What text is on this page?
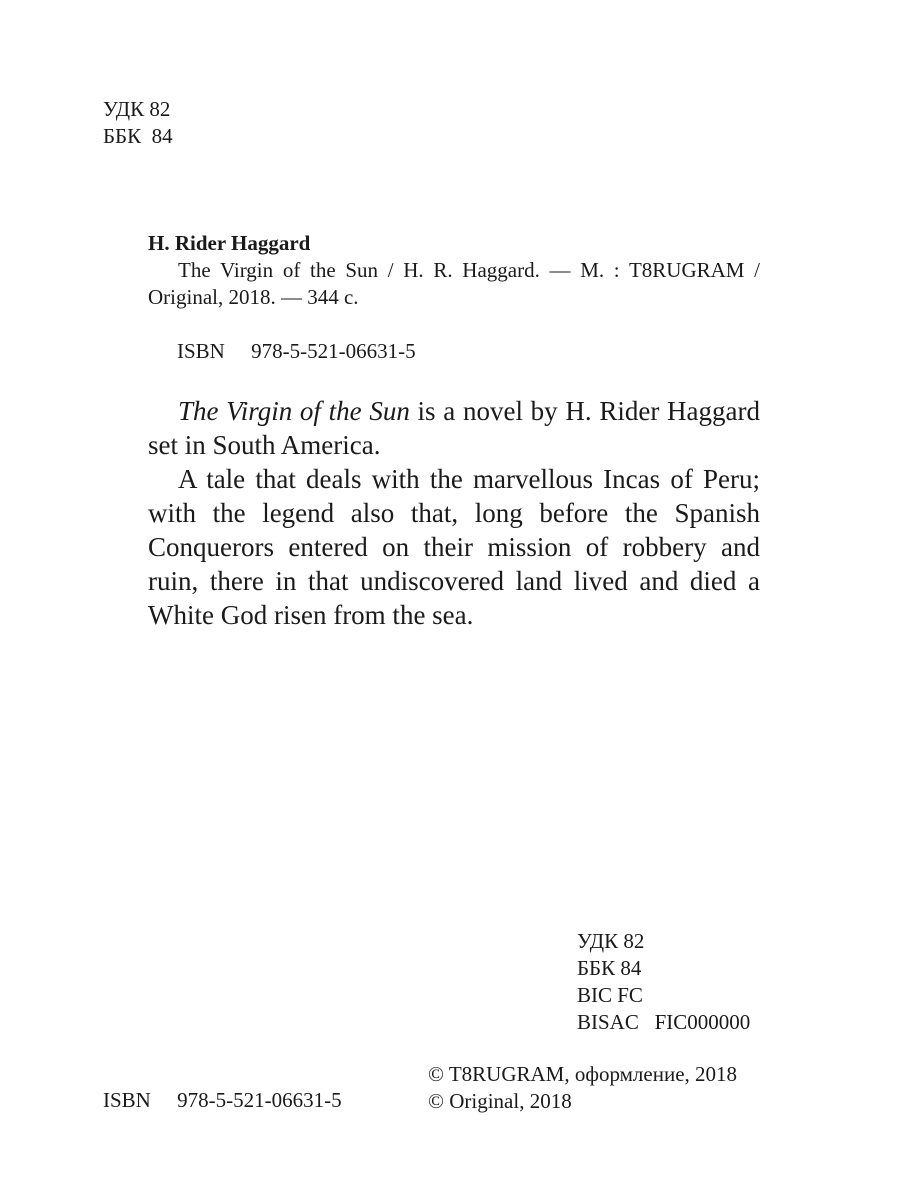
УДК 82
ББК  84
H. Rider Haggard
The Virgin of the Sun / H. R. Haggard. — M. : T8RUGRAM / Original, 2018. — 344 c.
ISBN     978-5-521-06631-5

The Virgin of the Sun is a novel by H. Rider Haggard set in South America.

A tale that deals with the marvellous Incas of Peru; with the legend also that, long before the Spanish Conquerors entered on their mission of robbery and ruin, there in that undiscovered land lived and died a White God risen from the sea.

УДК 82
ББК 84
BIC FC
BISAC   FIC000000
© T8RUGRAM, оформление, 2018
© Original, 2018
ISBN     978-5-521-06631-5
